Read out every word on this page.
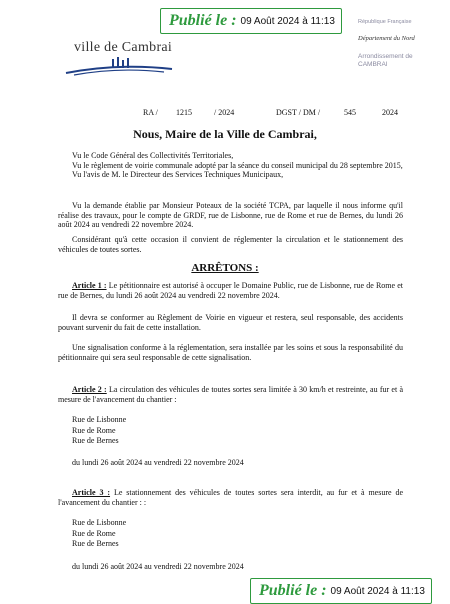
Publié le : 09 Août 2024 à 11:13
ville de Cambrai
République Française
Département du Nord
Arrondissement de CAMBRAI
RA / 1215	/ 2024	DGST / DM /	545	2024
Nous, Maire de la Ville de Cambrai,
Vu le Code Général des Collectivités Territoriales,
Vu le règlement de voirie communale adopté par la séance du conseil municipal du 28 septembre 2015,
Vu l'avis de M. le Directeur des Services Techniques Municipaux,
Vu la demande établie par Monsieur Poteaux de la société TCPA, par laquelle il nous informe qu'il réalise des travaux, pour le compte de GRDF, rue de Lisbonne, rue de Rome et rue de Bernes, du lundi 26 août 2024 au vendredi 22 novembre 2024.
Considérant qu'à cette occasion il convient de réglementer la circulation et le stationnement des véhicules de toutes sortes.
ARRÊTONS :
Article 1 : Le pétitionnaire est autorisé à occuper le Domaine Public, rue de Lisbonne, rue de Rome et rue de Bernes, du lundi 26 août 2024 au vendredi 22 novembre 2024.
Il devra se conformer au Règlement de Voirie en vigueur et restera, seul responsable, des accidents pouvant survenir du fait de cette installation.
Une signalisation conforme à la réglementation, sera installée par les soins et sous la responsabilité du pétitionnaire qui sera seul responsable de cette signalisation.
Article 2 : La circulation des véhicules de toutes sortes sera limitée à 30 km/h et restreinte, au fur et à mesure de l'avancement du chantier :
Rue de Lisbonne
Rue de Rome
Rue de Bernes
du lundi 26 août 2024 au vendredi 22 novembre 2024
Article 3 : Le stationnement des véhicules de toutes sortes sera interdit, au fur et à mesure de l'avancement du chantier : :
Rue de Lisbonne
Rue de Rome
Rue de Bernes
du lundi 26 août 2024 au vendredi 22 novembre 2024
Publié le : 09 Août 2024 à 11:13
